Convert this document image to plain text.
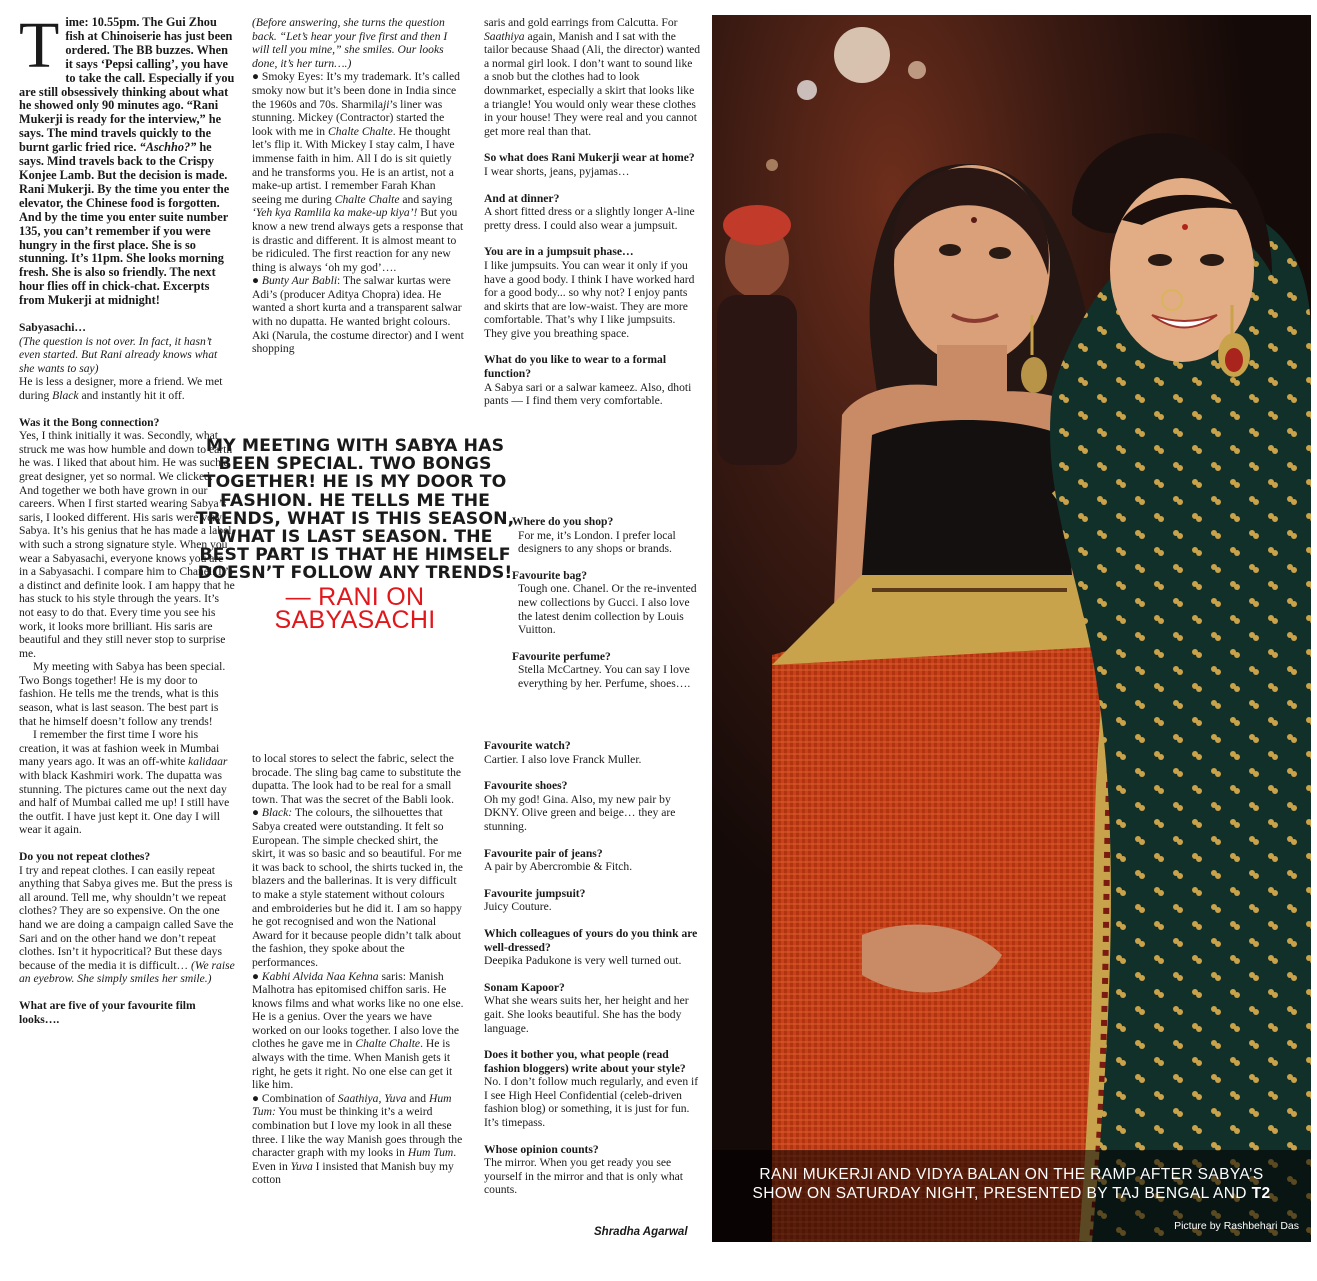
Time: 10.55pm. The Gui Zhou fish at Chinoiserie has just been ordered. The BB buzzes. When it says ‘Pepsi calling’, you have to take the call. Especially if you are still obsessively thinking about what he showed only 90 minutes ago. “Rani Mukerji is ready for the interview,” he says. The mind travels quickly to the burnt garlic fried rice. “Aschho?” he says. Mind travels back to the Crispy Konjee Lamb. But the decision is made. Rani Mukerji. By the time you enter the elevator, the Chinese food is forgotten. And by the time you enter suite number 135, you can’t remember if you were hungry in the first place. She is so stunning. It’s 11pm. She looks morning fresh. She is also so friendly. The next hour flies off in chick-chat. Excerpts from Mukerji at midnight!

Sabyasachi…

(The question is not over. In fact, it hasn’t even started. But Rani already knows what she wants to say)

He is less a designer, more a friend. We met during Black and instantly hit it off.

Was it the Bong connection?

Yes, I think initially it was. Secondly, what struck me was how humble and down to earth he was. I liked that about him. He was such a great designer, yet so normal. We clicked. And together we both have grown in our careers. When I first started wearing Sabya’s saris, I looked different. His saris were very Sabya. It’s his genius that he has made a label with such a strong signature style. When you wear a Sabyasachi, everyone knows you are in a Sabyasachi. I compare him to Chanel. It’s a distinct and definite look. I am happy that he has stuck to his style through the years. It’s not easy to do that. Every time you see his work, it looks more brilliant. His saris are beautiful and they still never stop to surprise me.

My meeting with Sabya has been special. Two Bongs together! He is my door to fashion. He tells me the trends, what is this season, what is last season. The best part is that he himself doesn’t follow any trends!

I remember the first time I wore his creation, it was at fashion week in Mumbai many years ago. It was an off-white kalidaar with black Kashmiri work. The dupatta was stunning. The pictures came out the next day and half of Mumbai called me up! I still have the outfit. I have just kept it. One day I will wear it again.

Do you not repeat clothes?

I try and repeat clothes. I can easily repeat anything that Sabya gives me. But the press is all around. Tell me, why shouldn’t we repeat clothes? They are so expensive. On the one hand we are doing a campaign called Save the Sari and on the other hand we don’t repeat clothes. Isn’t it hypocritical? But these days because of the media it is difficult… (We raise an eyebrow. She simply smiles her smile.)

What are five of your favourite film looks….

(Before answering, she turns the question back. “Let’s hear your five first and then I will tell you mine,” she smiles. Our looks done, it’s her turn….)

● Smoky Eyes: It’s my trademark. It’s called smoky now but it’s been done in India since the 1960s and 70s. Sharmilaji’s liner was stunning. Mickey (Contractor) started the look with me in Chalte Chalte. He thought let’s flip it. With Mickey I stay calm, I have immense faith in him. All I do is sit quietly and he transforms you. He is an artist, not a make-up artist. I remember Farah Khan seeing me during Chalte Chalte and saying ‘Yeh kya Ramlila ka make-up kiya’! But you know a new trend always gets a response that is drastic and different. It is almost meant to be ridiculed. The first reaction for any new thing is always ‘oh my god’….

● Bunty Aur Babli: The salwar kurtas were Adi’s (producer Aditya Chopra) idea. He wanted a short kurta and a transparent salwar with no dupatta. He wanted bright colours. Aki (Narula, the costume director) and I went shopping

MY MEETING WITH SABYA HAS BEEN SPECIAL. TWO BONGS TOGETHER! HE IS MY DOOR TO FASHION. HE TELLS ME THE TRENDS, WHAT IS THIS SEASON, WHAT IS LAST SEASON. THE BEST PART IS THAT HE HIMSELF DOESN’T FOLLOW ANY TRENDS!
— RANI ON
SABYASACHI

to local stores to select the fabric, select the brocade. The sling bag came to substitute the dupatta. The look had to be real for a small town. That was the secret of the Babli look.

● Black: The colours, the silhouettes that Sabya created were outstanding. It felt so European. The simple checked shirt, the skirt, it was so basic and so beautiful. For me it was back to school, the shirts tucked in, the blazers and the ballerinas. It is very difficult to make a style statement without colours and embroideries but he did it. I am so happy he got recognised and won the National Award for it because people didn’t talk about the fashion, they spoke about the performances.

● Kabhi Alvida Naa Kehna saris: Manish Malhotra has epitomised chiffon saris. He knows films and what works like no one else. He is a genius. Over the years we have worked on our looks together. I also love the clothes he gave me in Chalte Chalte. He is always with the time. When Manish gets it right, he gets it right. No one else can get it like him.

● Combination of Saathiya, Yuva and Hum Tum: You must be thinking it’s a weird combination but I love my look in all these three. I like the way Manish goes through the character graph with my looks in Hum Tum. Even in Yuva I insisted that Manish buy my cotton

saris and gold earrings from Calcutta. For Saathiya again, Manish and I sat with the tailor because Shaad (Ali, the director) wanted a normal girl look. I don’t want to sound like a snob but the clothes had to look downmarket, especially a skirt that looks like a triangle! You would only wear these clothes in your house! They were real and you cannot get more real than that.

So what does Rani Mukerji wear at home?

I wear shorts, jeans, pyjamas…

And at dinner?

A short fitted dress or a slightly longer A-line pretty dress. I could also wear a jumpsuit.

You are in a jumpsuit phase…

I like jumpsuits. You can wear it only if you have a good body. I think I have worked hard for a good body... so why not? I enjoy pants and skirts that are low-waist. They are more comfortable. That’s why I like jumpsuits. They give you breathing space.

What do you like to wear to a formal function?

A Sabya sari or a salwar kameez. Also, dhoti pants — I find them very comfortable.

Where do you shop?

For me, it’s London. I prefer local designers to any shops or brands.

Favourite bag?

Tough one. Chanel. Or the re-invented new collections by Gucci. I also love the latest denim collection by Louis Vuitton.

Favourite perfume?

Stella McCartney. You can say I love everything by her. Perfume, shoes….

Favourite watch?

Cartier. I also love Franck Muller.

Favourite shoes?

Oh my god! Gina. Also, my new pair by DKNY. Olive green and beige… they are stunning.

Favourite pair of jeans?

A pair by Abercrombie & Fitch.

Favourite jumpsuit?

Juicy Couture.

Which colleagues of yours do you think are well-dressed?

Deepika Padukone is very well turned out.

Sonam Kapoor?

What she wears suits her, her height and her gait. She looks beautiful. She has the body language.

Does it bother you, what people (read fashion bloggers) write about your style?

No. I don’t follow much regularly, and even if I see High Heel Confidential (celeb-driven fashion blog) or something, it is just for fun. It’s timepass.

Whose opinion counts?

The mirror. When you get ready you see yourself in the mirror and that is only what counts.

Shradha Agarwal
RANI MUKERJI AND VIDYA BALAN ON THE RAMP AFTER SABYA’S
SHOW ON SATURDAY NIGHT, PRESENTED BY TAJ BENGAL AND T2
Picture by Rashbehari Das
